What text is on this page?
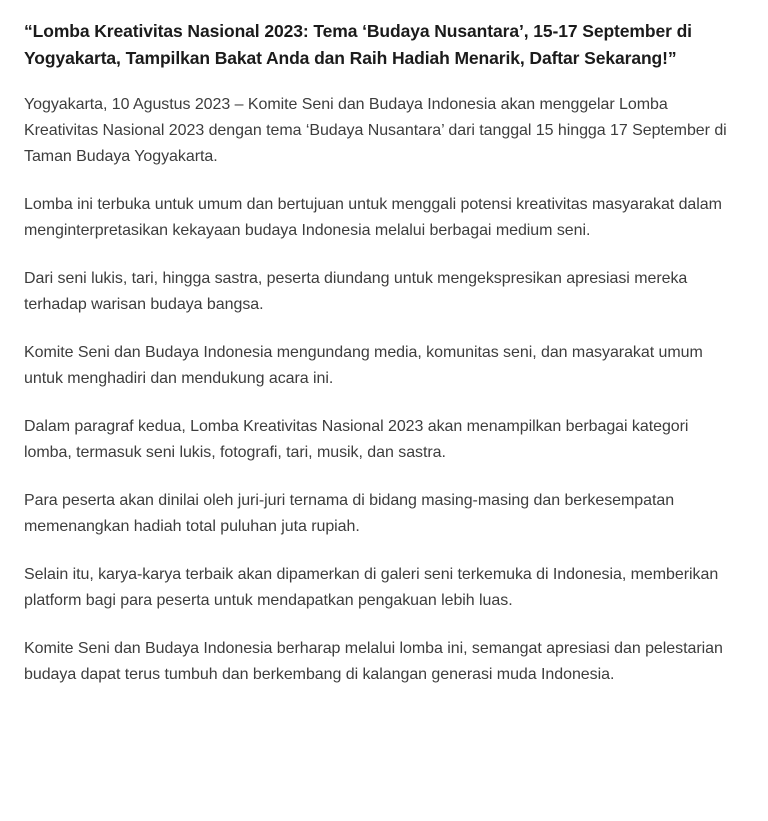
“Lomba Kreativitas Nasional 2023: Tema ‘Budaya Nusantara’, 15-17 September di Yogyakarta, Tampilkan Bakat Anda dan Raih Hadiah Menarik, Daftar Sekarang!”

Yogyakarta, 10 Agustus 2023 – Komite Seni dan Budaya Indonesia akan menggelar Lomba Kreativitas Nasional 2023 dengan tema ‘Budaya Nusantara’ dari tanggal 15 hingga 17 September di Taman Budaya Yogyakarta.

Lomba ini terbuka untuk umum dan bertujuan untuk menggali potensi kreativitas masyarakat dalam menginterpretasikan kekayaan budaya Indonesia melalui berbagai medium seni.

Dari seni lukis, tari, hingga sastra, peserta diundang untuk mengekspresikan apresiasi mereka terhadap warisan budaya bangsa.

Komite Seni dan Budaya Indonesia mengundang media, komunitas seni, dan masyarakat umum untuk menghadiri dan mendukung acara ini.

Dalam paragraf kedua, Lomba Kreativitas Nasional 2023 akan menampilkan berbagai kategori lomba, termasuk seni lukis, fotografi, tari, musik, dan sastra.

Para peserta akan dinilai oleh juri-juri ternama di bidang masing-masing dan berkesempatan memenangkan hadiah total puluhan juta rupiah.

Selain itu, karya-karya terbaik akan dipamerkan di galeri seni terkemuka di Indonesia, memberikan platform bagi para peserta untuk mendapatkan pengakuan lebih luas.

Komite Seni dan Budaya Indonesia berharap melalui lomba ini, semangat apresiasi dan pelestarian budaya dapat terus tumbuh dan berkembang di kalangan generasi muda Indonesia.
